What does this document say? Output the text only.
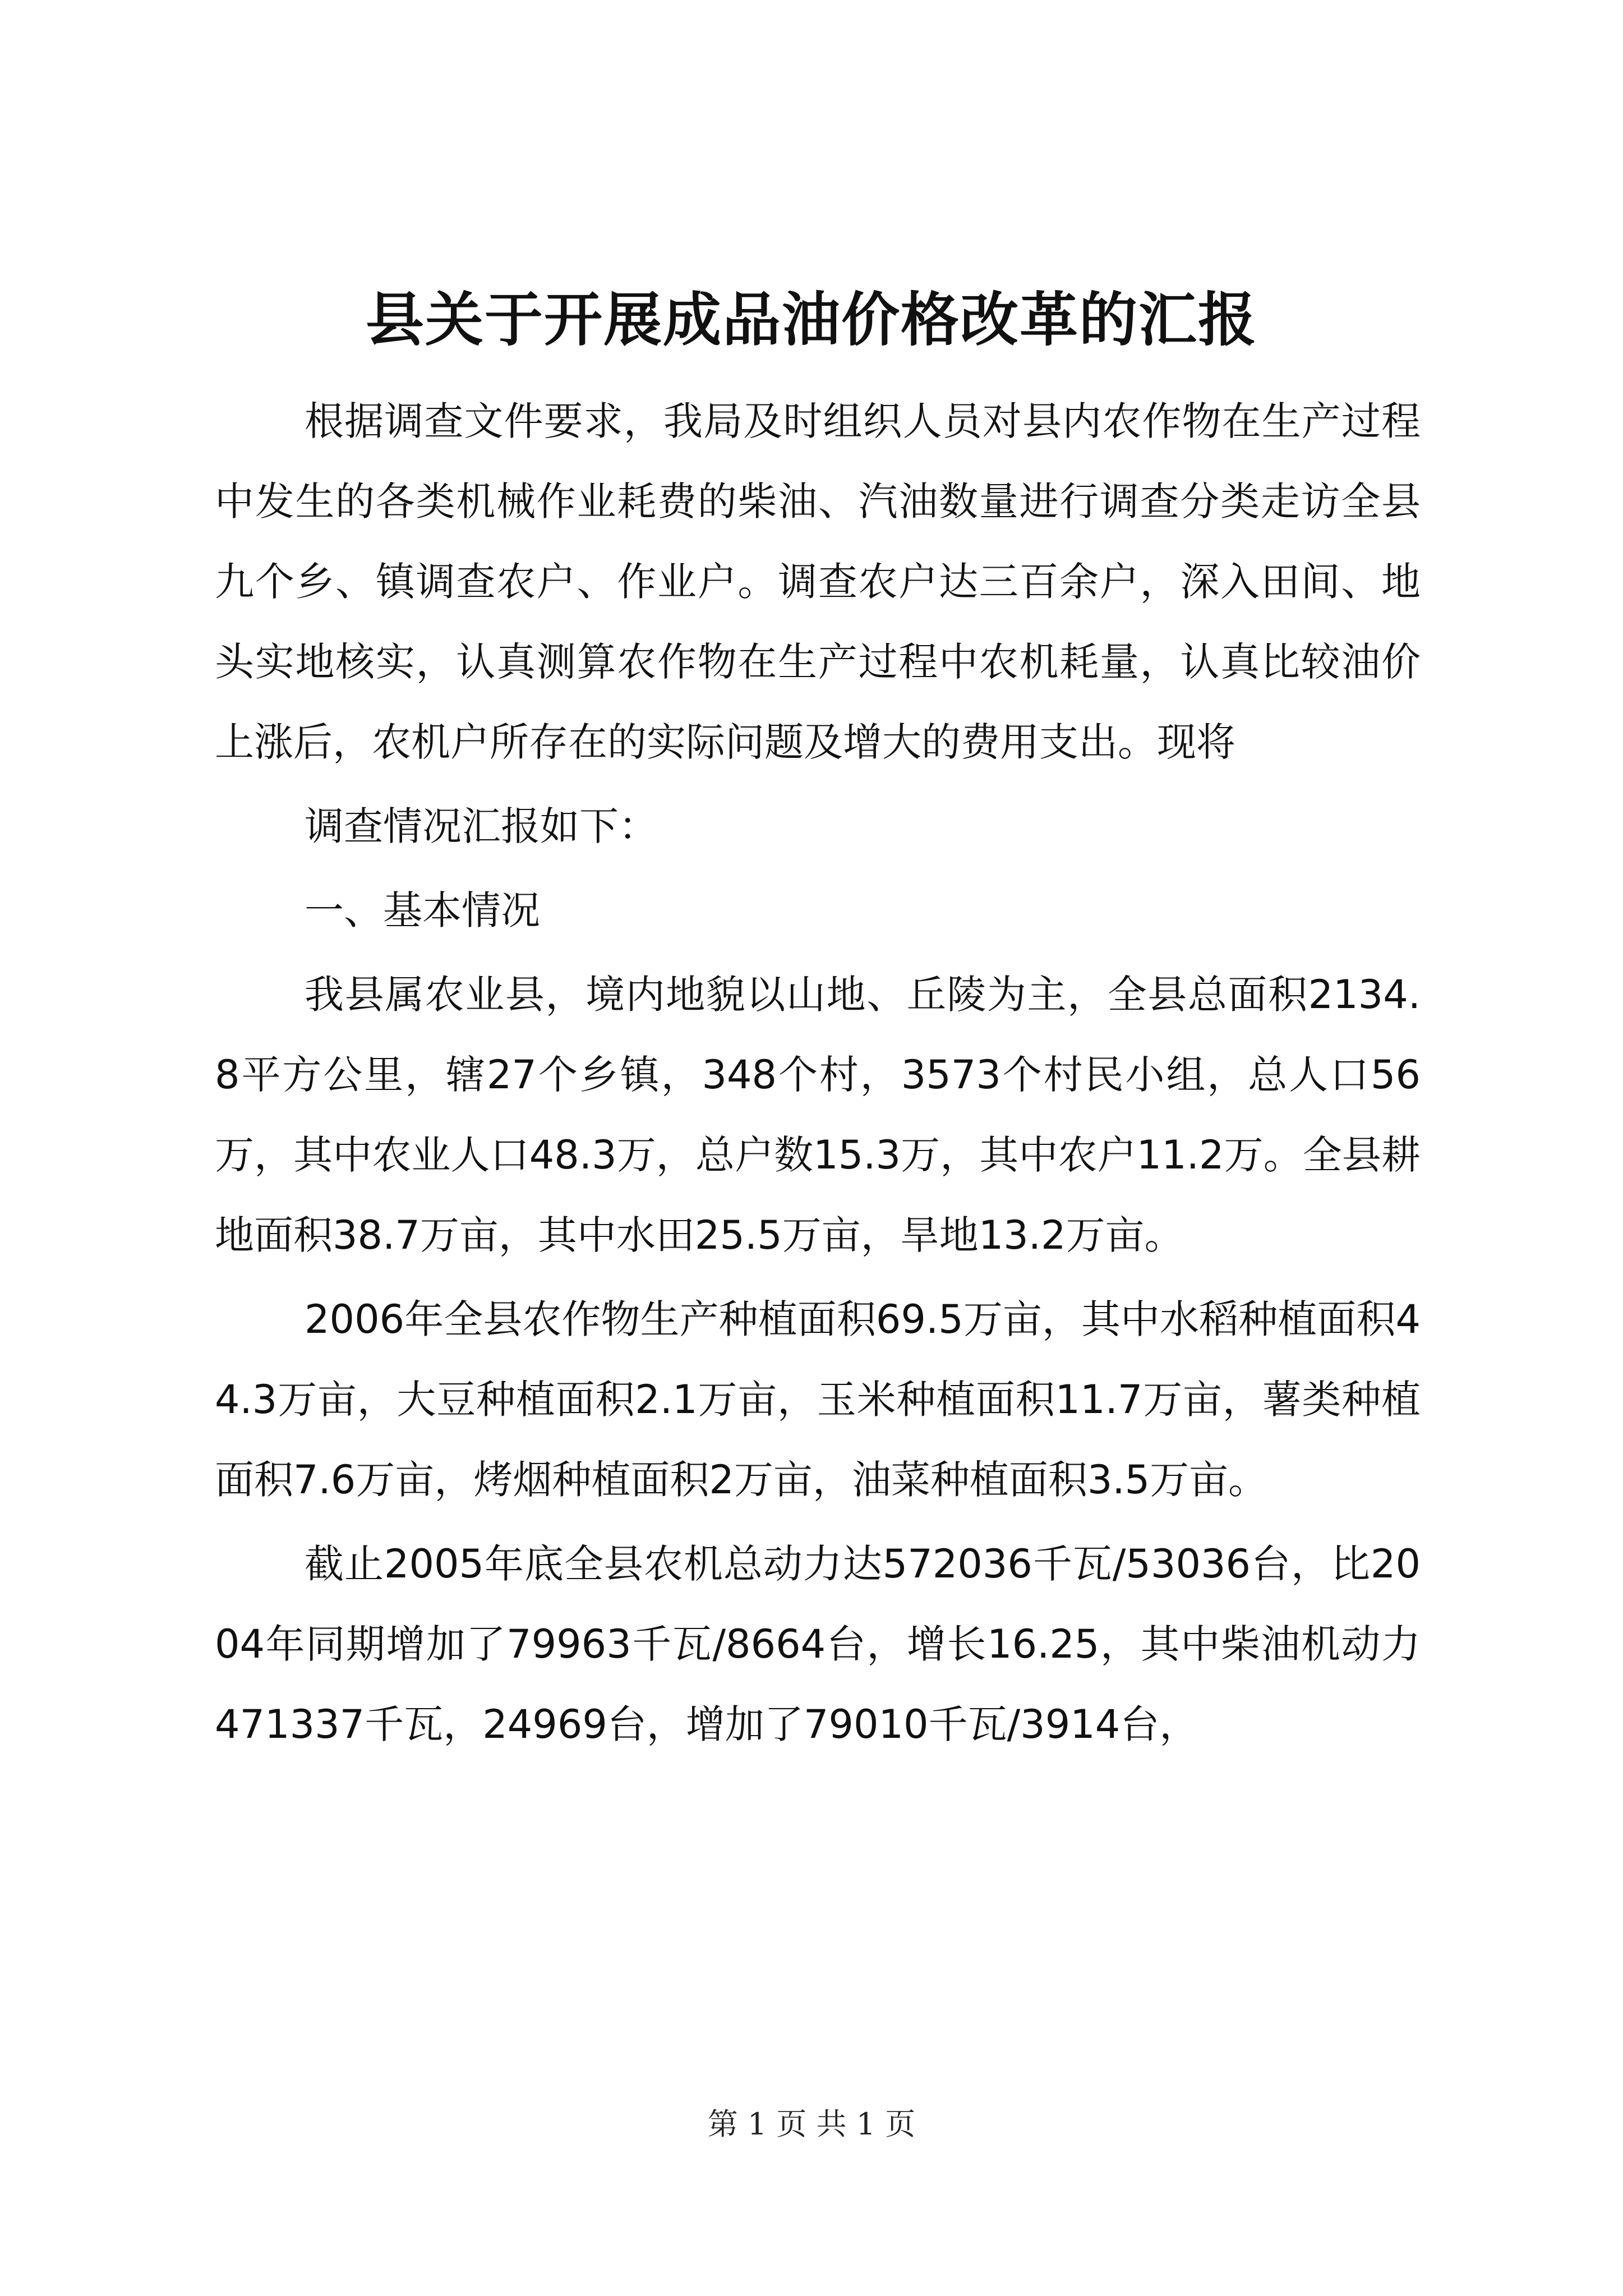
县关于开展成品油价格改革的汇报

根据调查文件要求，我局及时组织人员对县内农作物在生产过程中发生的各类机械作业耗费的柴油、汽油数量进行调查分类走访全县九个乡、镇调查农户、作业户。调查农户达三百余户，深入田间、地头实地核实，认真测算农作物在生产过程中农机耗量，认真比较油价上涨后，农机户所存在的实际问题及增大的费用支出。现将

调查情况汇报如下：

一、基本情况

我县属农业县，境内地貌以山地、丘陵为主，全县总面积2134.8平方公里，辖27个乡镇，348个村，3573个村民小组，总人口56万，其中农业人口48.3万，总户数15.3万，其中农户11.2万。全县耕地面积38.7万亩，其中水田25.5万亩，旱地13.2万亩。

2006年全县农作物生产种植面积69.5万亩，其中水稻种植面积44.3万亩，大豆种植面积2.1万亩，玉米种植面积11.7万亩，薯类种植面积7.6万亩，烤烟种植面积2万亩，油菜种植面积3.5万亩。

截止2005年底全县农机总动力达572036千瓦/53036台，比2004年同期增加了79963千瓦/8664台，增长16.25，其中柴油机动力471337千瓦，24969台，增加了79010千瓦/3914台，

第 1 页 共 1 页
